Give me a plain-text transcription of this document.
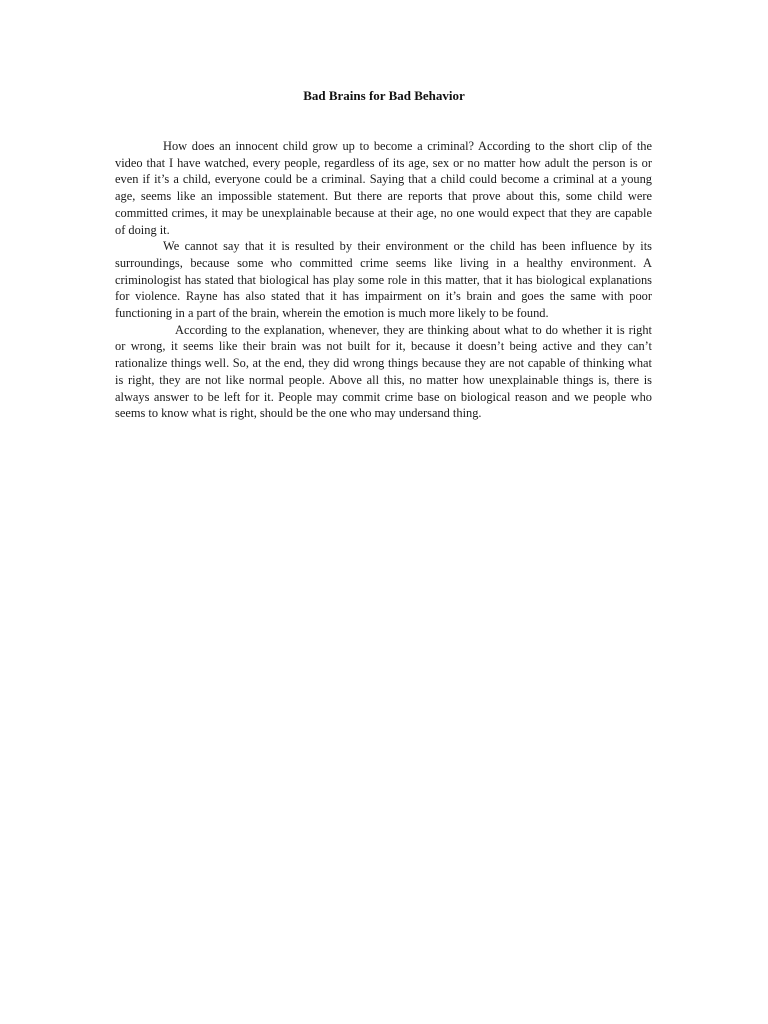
Bad Brains for Bad Behavior

How does an innocent child grow up to become a criminal? According to the short clip of the video that I have watched, every people, regardless of its age, sex or no matter how adult the person is or even if it’s a child, everyone could be a criminal. Saying that a child could become a criminal at a young age, seems like an impossible statement. But there are reports that prove about this, some child were committed crimes, it may be unexplainable because at their age, no one would expect that they are capable of doing it.

We cannot say that it is resulted by their environment or the child has been influence by its surroundings, because some who committed crime seems like living in a healthy environment. A criminologist has stated that biological has play some role in this matter, that it has biological explanations for violence. Rayne has also stated that it has impairment on it’s brain and goes the same with poor functioning in a part of the brain, wherein the emotion is much more likely to be found.

According to the explanation, whenever, they are thinking about what to do whether it is right or wrong, it seems like their brain was not built for it, because it doesn’t being active and they can’t rationalize things well. So, at the end, they did wrong things because they are not capable of thinking what is right, they are not like normal people. Above all this, no matter how unexplainable things is, there is always answer to be left for it. People may commit crime base on biological reason and we people who seems to know what is right, should be the one who may undersand thing.
